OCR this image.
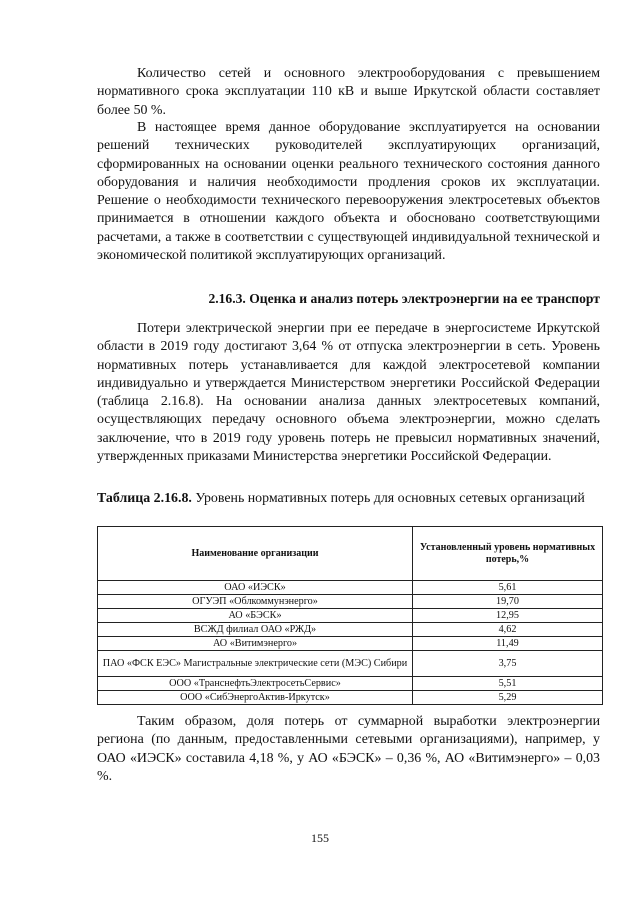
Количество сетей и основного электрооборудования с превышением нормативного срока эксплуатации 110 кВ и выше Иркутской области составляет более 50 %.

В настоящее время данное оборудование эксплуатируется на основании решений технических руководителей эксплуатирующих организаций, сформированных на основании оценки реального технического состояния данного оборудования и наличия необходимости продления сроков их эксплуатации. Решение о необходимости технического перевооружения электросетевых объектов принимается в отношении каждого объекта и обосновано соответствующими расчетами, а также в соответствии с существующей индивидуальной технической и экономической политикой эксплуатирующих организаций.

2.16.3. Оценка и анализ потерь электроэнергии на ее транспорт

Потери электрической энергии при ее передаче в энергосистеме Иркутской области в 2019 году достигают 3,64 % от отпуска электроэнергии в сеть. Уровень нормативных потерь устанавливается для каждой электросетевой компании индивидуально и утверждается Министерством энергетики Российской Федерации (таблица 2.16.8). На основании анализа данных электросетевых компаний, осуществляющих передачу основного объема электроэнергии, можно сделать заключение, что в 2019 году уровень потерь не превысил нормативных значений, утвержденных приказами Министерства энергетики Российской Федерации.

Таблица 2.16.8. Уровень нормативных потерь для основных сетевых организаций

Наименование организации	Установленный уровень нормативных потерь,%
ОАО «ИЭСК»	5,61
ОГУЭП «Облкоммунэнерго»	19,70
АО «БЭСК»	12,95
ВСЖД филиал ОАО «РЖД»	4,62
АО «Витимэнерго»	11,49
ПАО «ФСК ЕЭС» Магистральные электрические сети (МЭС) Сибири	3,75
ООО «ТранснефтьЭлектросетьСервис»	5,51
ООО «СибЭнергоАктив-Иркутск»	5,29

Таким образом, доля потерь от суммарной выработки электроэнергии региона (по данным, предоставленными сетевыми организациями), например, у ОАО «ИЭСК» составила 4,18 %, у АО «БЭСК» – 0,36 %, АО «Витимэнерго» – 0,03 %.

155
